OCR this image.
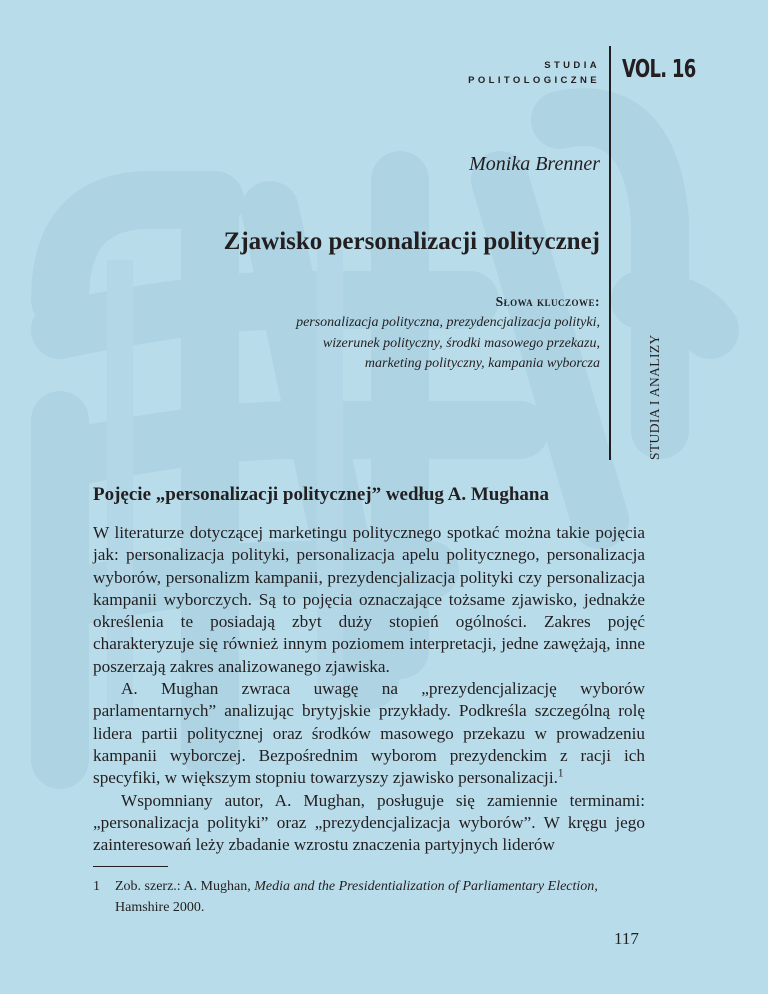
STUDIA
POLITOLOGICZNE VOL. 16
STUDIA I ANALIZY
Monika Brenner
Zjawisko personalizacji politycznej
Słowa kluczowe:
personalizacja polityczna, prezydencjalizacja polityki,
wizerunek polityczny, środki masowego przekazu,
marketing polityczny, kampania wyborcza
Pojęcie „personalizacji politycznej” według A. Mughana

W literaturze dotyczącej marketingu politycznego spotkać można takie pojęcia jak: personalizacja polityki, personalizacja apelu politycznego, personalizacja wyborów, personalizm kampanii, prezydencjalizacja polityki czy personalizacja kampanii wyborczych. Są to pojęcia oznaczające tożsame zjawisko, jednakże określenia te posiadają zbyt duży stopień ogólności. Zakres pojęć charakteryzuje się również innym poziomem interpretacji, jedne zawężają, inne poszerzają zakres analizowanego zjawiska.

A. Mughan zwraca uwagę na „prezydencjalizację wyborów parlamentarnych” analizując brytyjskie przykłady. Podkreśla szczególną rolę lidera partii politycznej oraz środków masowego przekazu w prowadzeniu kampanii wyborczej. Bezpośrednim wyborom prezydenckim z racji ich specyfiki, w większym stopniu towarzyszy zjawisko personalizacji.$^1$

Wspomniany autor, A. Mughan, posługuje się zamiennie terminami: „personalizacja polityki” oraz „prezydencjalizacja wyborów”. W kręgu jego zainteresowań leży zbadanie wzrostu znaczenia partyjnych liderów

1	Zob. szerz.: A. Mughan, Media and the Presidentialization of Parliamentary Election, Hamshire 2000.
117
